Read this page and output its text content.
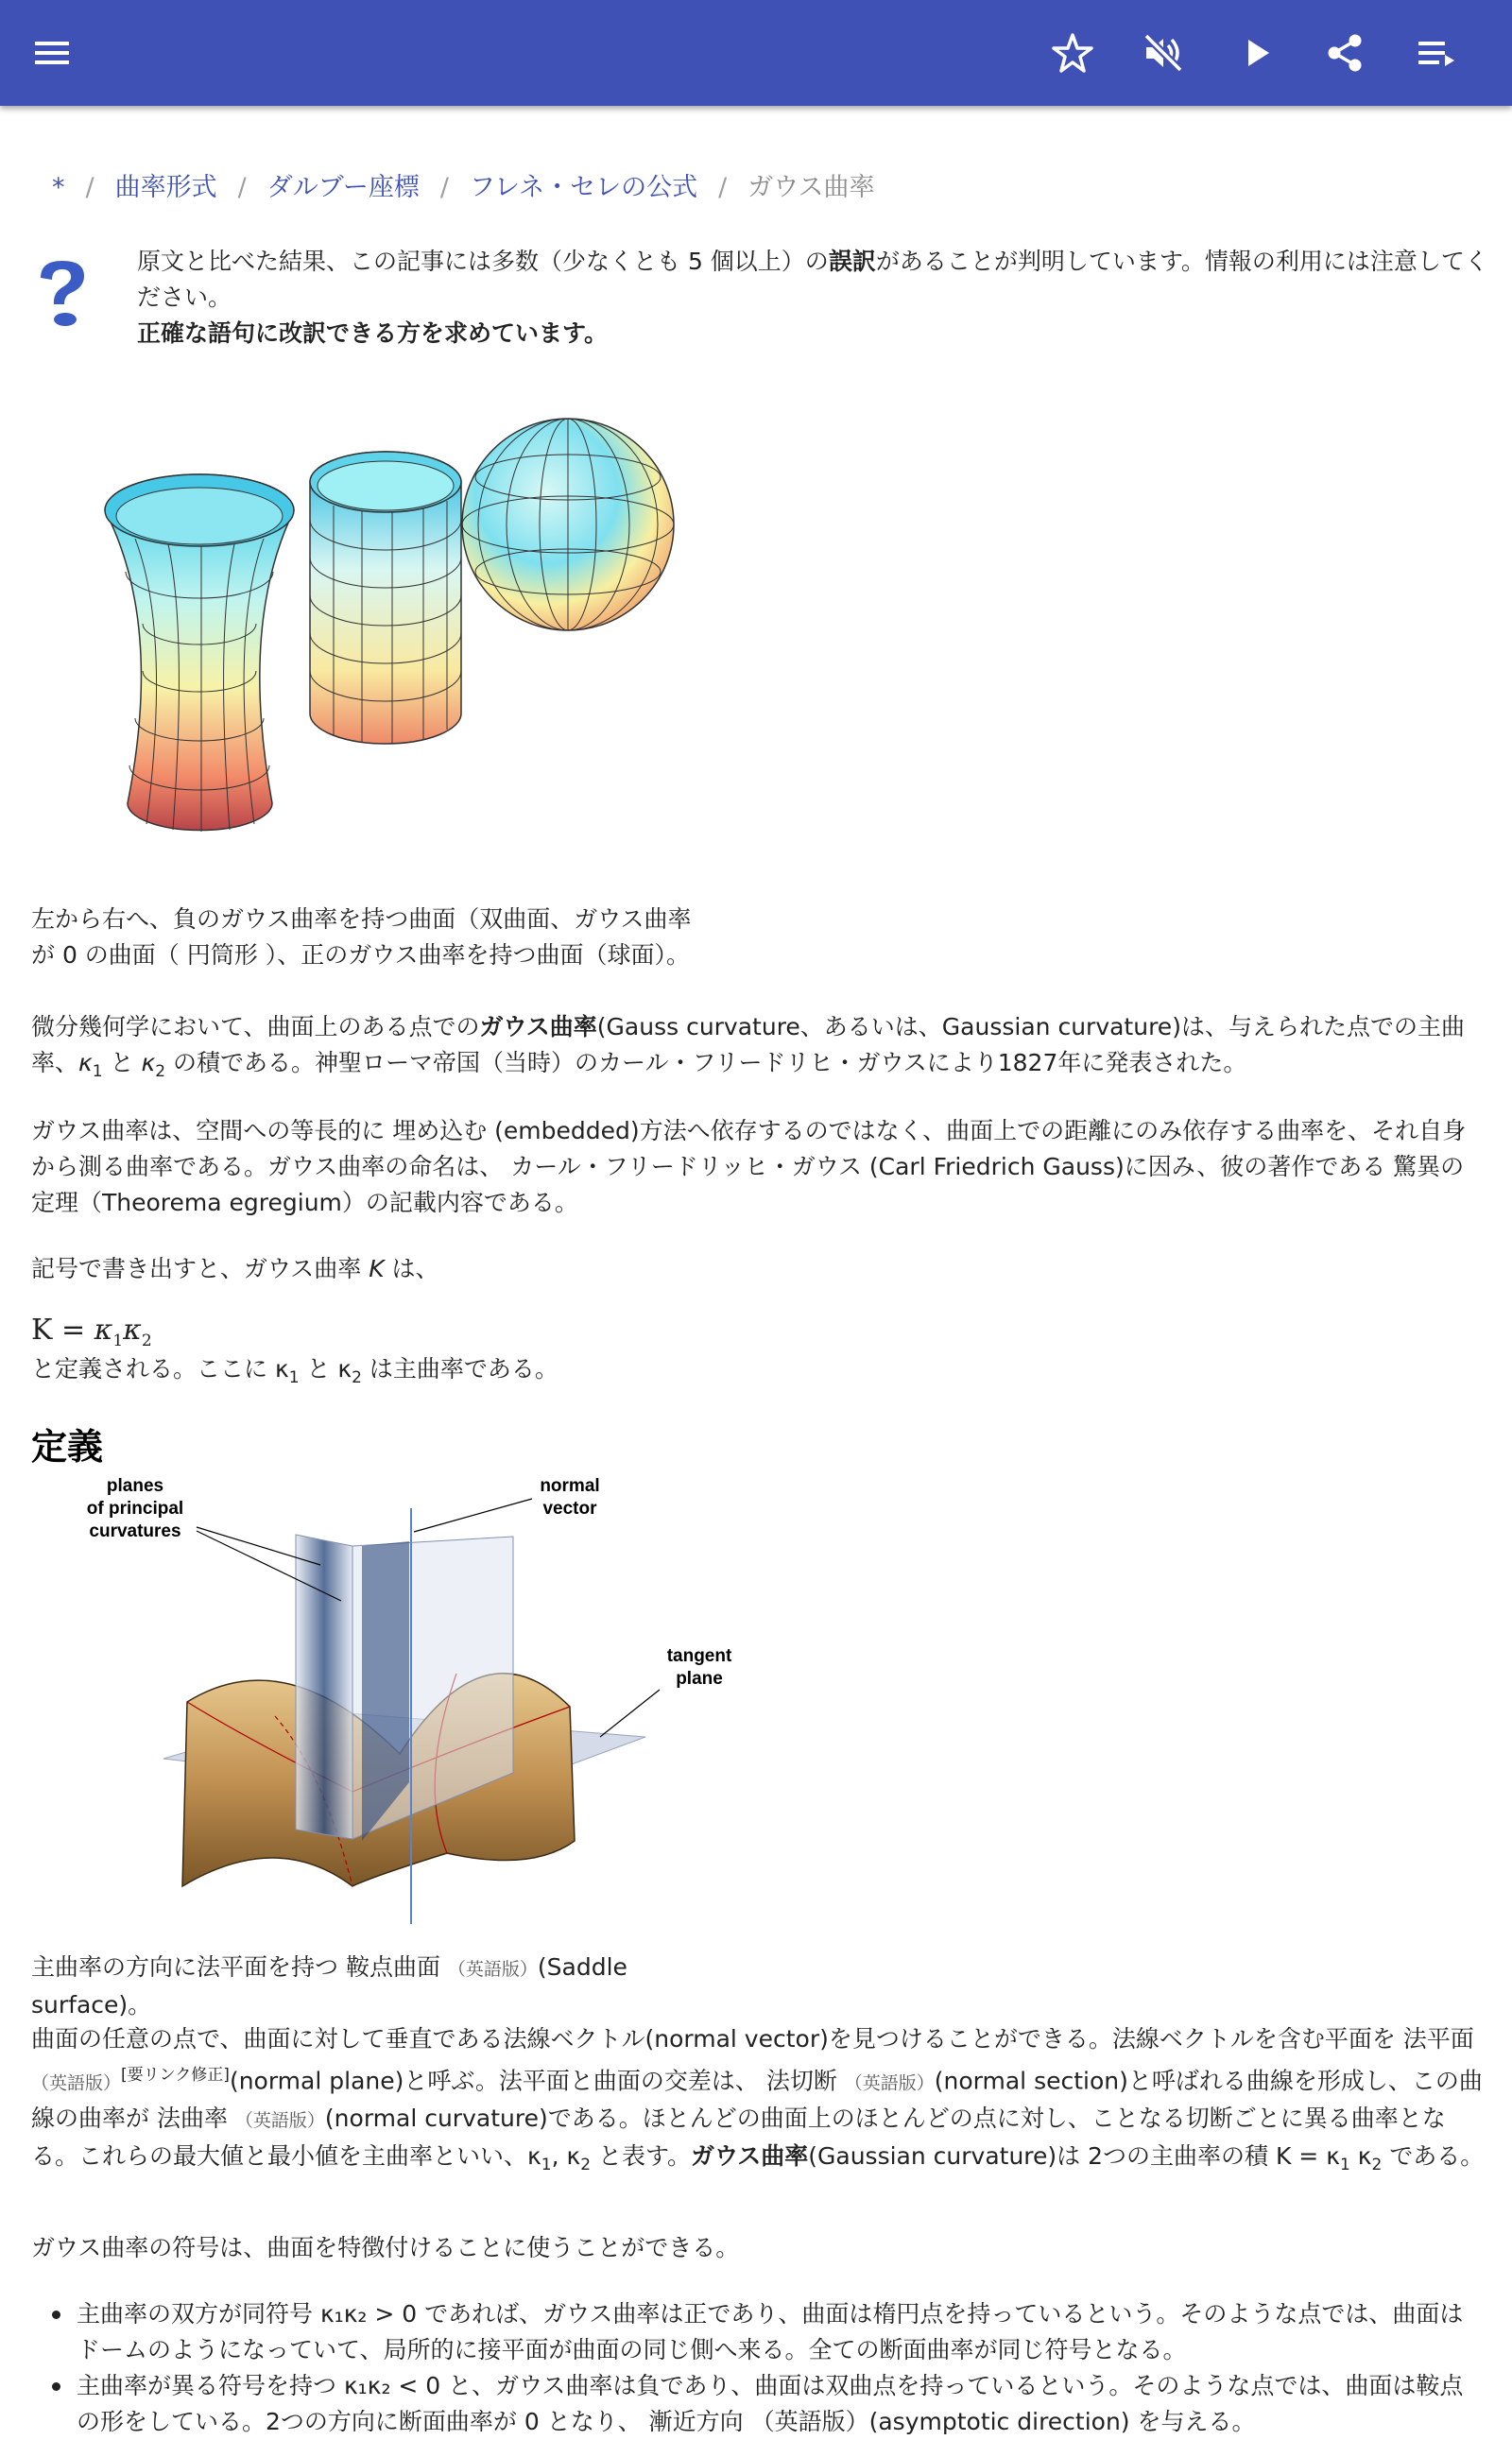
* / 曲率形式 / ダルブー座標 / フレネ・セレの公式 / ガウス曲率
原文と比べた結果、この記事には多数（少なくとも 5 個以上）の誤訳があることが判明しています。情報の利用には注意してください。
正確な語句に改訳できる方を求めています。
左から右へ、負のガウス曲率を持つ曲面（双曲面、ガウス曲率が 0 の曲面（ 円筒形 ）、正のガウス曲率を持つ曲面（球面）。
微分幾何学において、曲面上のある点でのガウス曲率(Gauss curvature、あるいは、Gaussian curvature)は、与えられた点での主曲率、$\kappa_1$ と $\kappa_2$ の積である。神聖ローマ帝国（当時）のカール・フリードリヒ・ガウスにより1827年に発表された。
ガウス曲率は、空間への等長的に 埋め込む (embedded)方法へ依存するのではなく、曲面上での距離にのみ依存する曲率を、それ自身から測る曲率である。ガウス曲率の命名は、 カール・フリードリッヒ・ガウス (Carl Friedrich Gauss)に因み、彼の著作である 驚異の定理（Theorema egregium）の記載内容である。
記号で書き出すと、ガウス曲率 K は、
$K = \kappa_1\kappa_2$
と定義される。ここに $\kappa_1$ と $\kappa_2$ は主曲率である。
定義
planes
of principal
curvatures
normal
vector
tangent
plane
主曲率の方向に法平面を持つ 鞍点曲面 （英語版）(Saddle surface)。
曲面の任意の点で、曲面に対して垂直である法線ベクトル(normal vector)を見つけることができる。法線ベクトルを含む平面を 法平面 （英語版）[要リンク修正](normal plane)と呼ぶ。法平面と曲面の交差は、 法切断 （英語版）(normal section)と呼ばれる曲線を形成し、この曲線の曲率が 法曲率 （英語版）(normal curvature)である。ほとんどの曲面上のほとんどの点に対し、ことなる切断ごとに異る曲率となる。これらの最大値と最小値を主曲率といい、$\kappa_1$, $\kappa_2$ と表す。ガウス曲率(Gaussian curvature)は 2つの主曲率の積 $K = \kappa_1$ $\kappa_2$ である。
ガウス曲率の符号は、曲面を特徴付けることに使うことができる。
主曲率の双方が同符号 κ₁κ₂ > 0 であれば、ガウス曲率は正であり、曲面は楕円点を持っているという。そのような点では、曲面はドームのようになっていて、局所的に接平面が曲面の同じ側へ来る。全ての断面曲率が同じ符号となる。
主曲率が異る符号を持つ κ₁κ₂ < 0 と、ガウス曲率は負であり、曲面は双曲点を持っているという。そのような点では、曲面は鞍点の形をしている。2つの方向に断面曲率が 0 となり、 漸近方向 （英語版）(asymptotic direction) を与える。
